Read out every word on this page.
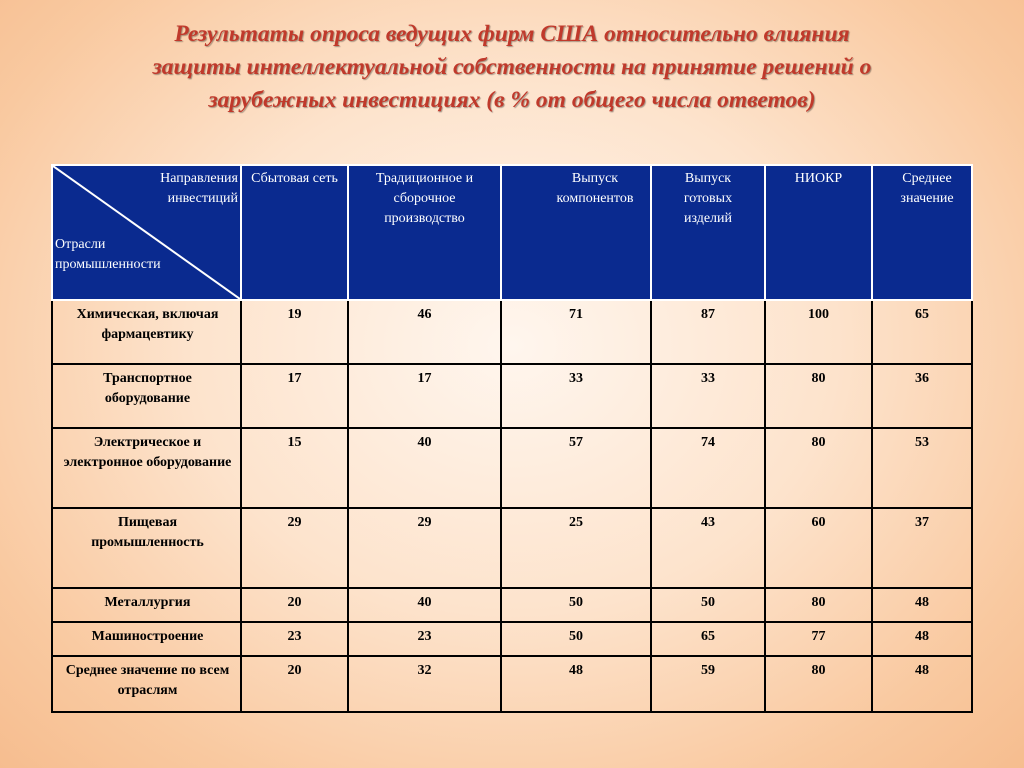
Результаты опроса ведущих фирм США относительно влияния
защиты интеллектуальной собственности на принятие решений о
зарубежных инвестициях (в % от общего числа ответов)
Направления
инвестиций
Отрасли
промышленности	Сбытовая сеть	Традиционное и сборочное производство	Выпуск компонентов	Выпуск готовых изделий	НИОКР	Среднее значение
Химическая, включая фармацевтику	19	46	71	87	100	65
Транспортное оборудование	17	17	33	33	80	36
Электрическое и электронное оборудование	15	40	57	74	80	53
Пищевая промышленность	29	29	25	43	60	37
Металлургия	20	40	50	50	80	48
Машиностроение	23	23	50	65	77	48
Среднее значение по всем отраслям	20	32	48	59	80	48
